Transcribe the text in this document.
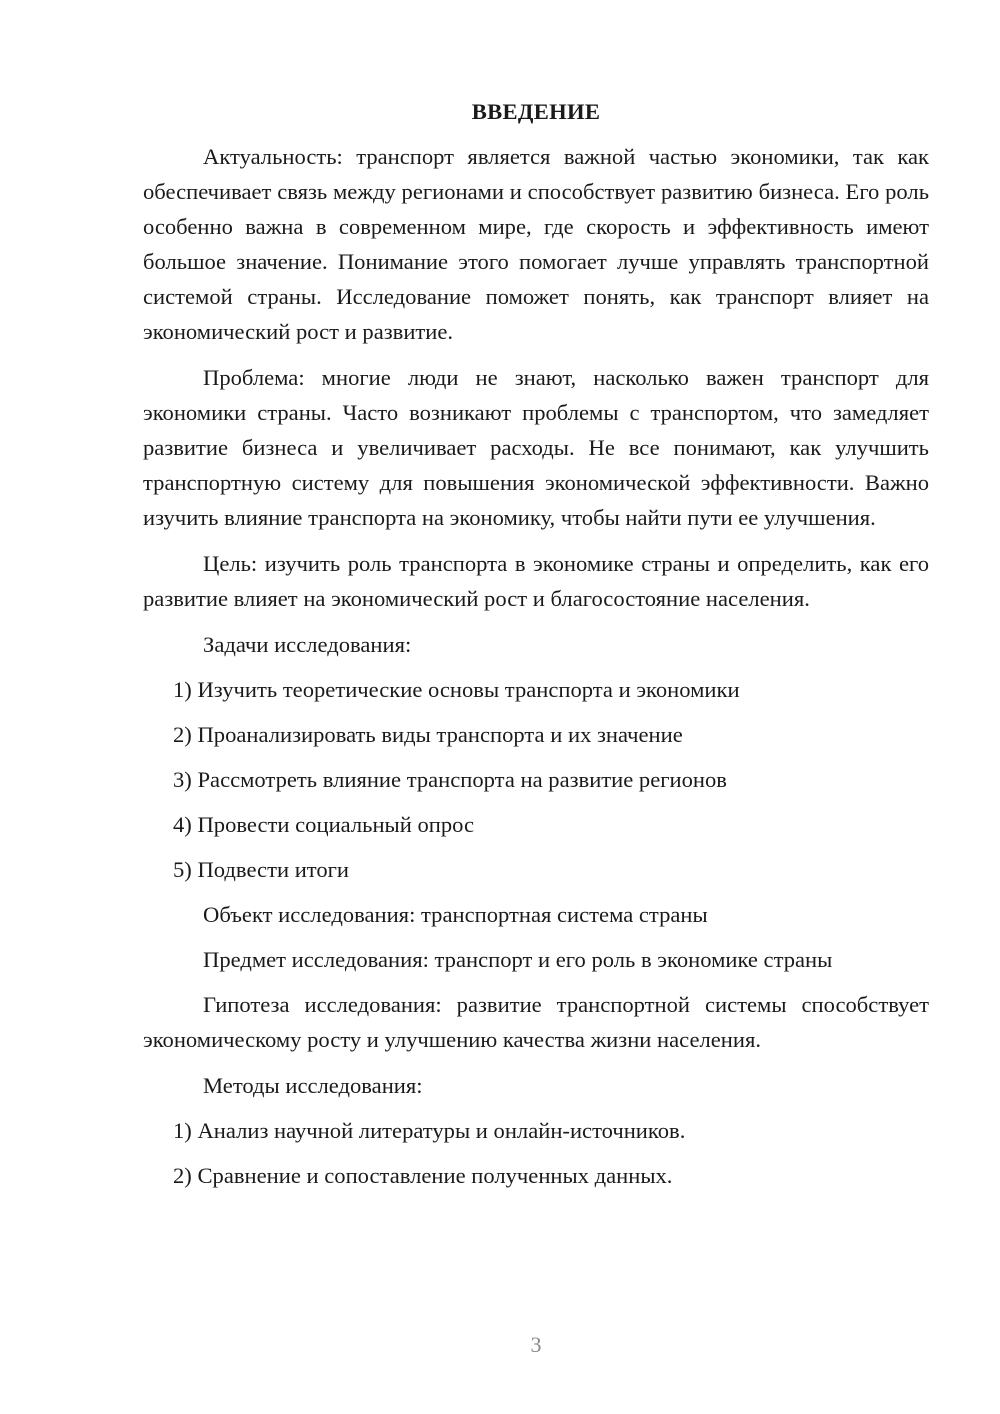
ВВЕДЕНИЕ

Актуальность: транспорт является важной частью экономики, так как обеспечивает связь между регионами и способствует развитию бизнеса. Его роль особенно важна в современном мире, где скорость и эффективность имеют большое значение. Понимание этого помогает лучше управлять транспортной системой страны. Исследование поможет понять, как транспорт влияет на экономический рост и развитие.

Проблема: многие люди не знают, насколько важен транспорт для экономики страны. Часто возникают проблемы с транспортом, что замедляет развитие бизнеса и увеличивает расходы. Не все понимают, как улучшить транспортную систему для повышения экономической эффективности. Важно изучить влияние транспорта на экономику, чтобы найти пути ее улучшения.

Цель: изучить роль транспорта в экономике страны и определить, как его развитие влияет на экономический рост и благосостояние населения.

Задачи исследования:
1) Изучить теоретические основы транспорта и экономики
2) Проанализировать виды транспорта и их значение
3) Рассмотреть влияние транспорта на развитие регионов
4) Провести социальный опрос
5) Подвести итоги
Объект исследования: транспортная система страны
Предмет исследования: транспорт и его роль в экономике страны

Гипотеза исследования: развитие транспортной системы способствует экономическому росту и улучшению качества жизни населения.

Методы исследования:
1) Анализ научной литературы и онлайн-источников.
2) Сравнение и сопоставление полученных данных.
3
